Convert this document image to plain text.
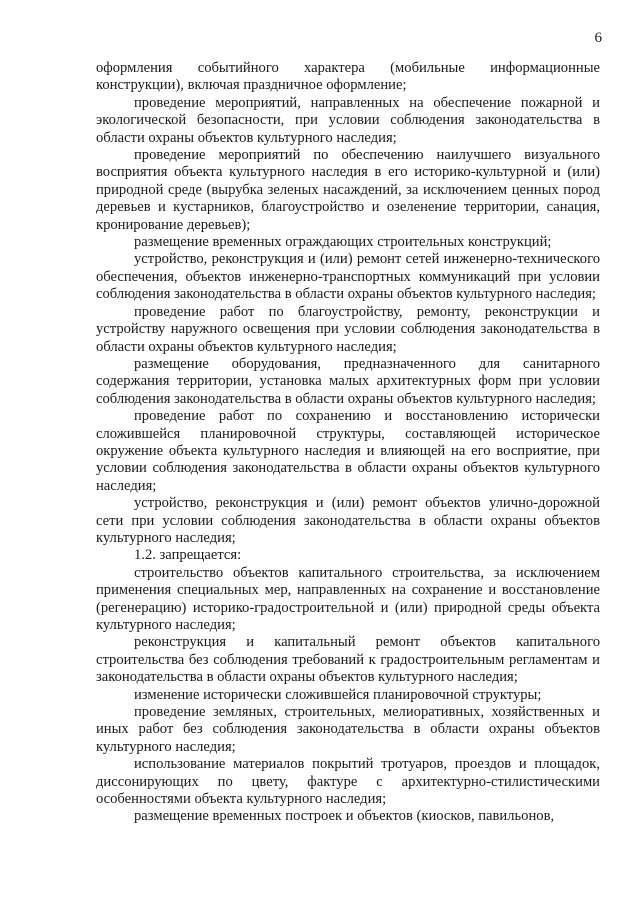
6

оформления событийного характера (мобильные информационные конструкции), включая праздничное оформление;

проведение мероприятий, направленных на обеспечение пожарной и экологической безопасности, при условии соблюдения законодательства в области охраны объектов культурного наследия;

проведение мероприятий по обеспечению наилучшего визуального восприятия объекта культурного наследия в его историко-культурной и (или) природной среде (вырубка зеленых насаждений, за исключением ценных пород деревьев и кустарников, благоустройство и озеленение территории, санация, кронирование деревьев);

размещение временных ограждающих строительных конструкций;

устройство, реконструкция и (или) ремонт сетей инженерно-технического обеспечения, объектов инженерно-транспортных коммуникаций при условии соблюдения законодательства в области охраны объектов культурного наследия;

проведение работ по благоустройству, ремонту, реконструкции и устройству наружного освещения при условии соблюдения законодательства в области охраны объектов культурного наследия;

размещение оборудования, предназначенного для санитарного содержания территории, установка малых архитектурных форм при условии соблюдения законодательства в области охраны объектов культурного наследия;

проведение работ по сохранению и восстановлению исторически сложившейся планировочной структуры, составляющей историческое окружение объекта культурного наследия и влияющей на его восприятие, при условии соблюдения законодательства в области охраны объектов культурного наследия;

устройство, реконструкция и (или) ремонт объектов улично-дорожной сети при условии соблюдения законодательства в области охраны объектов культурного наследия;

1.2. запрещается:

строительство объектов капитального строительства, за исключением применения специальных мер, направленных на сохранение и восстановление (регенерацию) историко-градостроительной и (или) природной среды объекта культурного наследия;

реконструкция и капитальный ремонт объектов капитального строительства без соблюдения требований к градостроительным регламентам и законодательства в области охраны объектов культурного наследия;

изменение исторически сложившейся планировочной структуры;

проведение земляных, строительных, мелиоративных, хозяйственных и иных работ без соблюдения законодательства в области охраны объектов культурного наследия;

использование материалов покрытий тротуаров, проездов и площадок, диссонирующих по цвету, фактуре с архитектурно-стилистическими особенностями объекта культурного наследия;

размещение временных построек и объектов (киосков, павильонов,
